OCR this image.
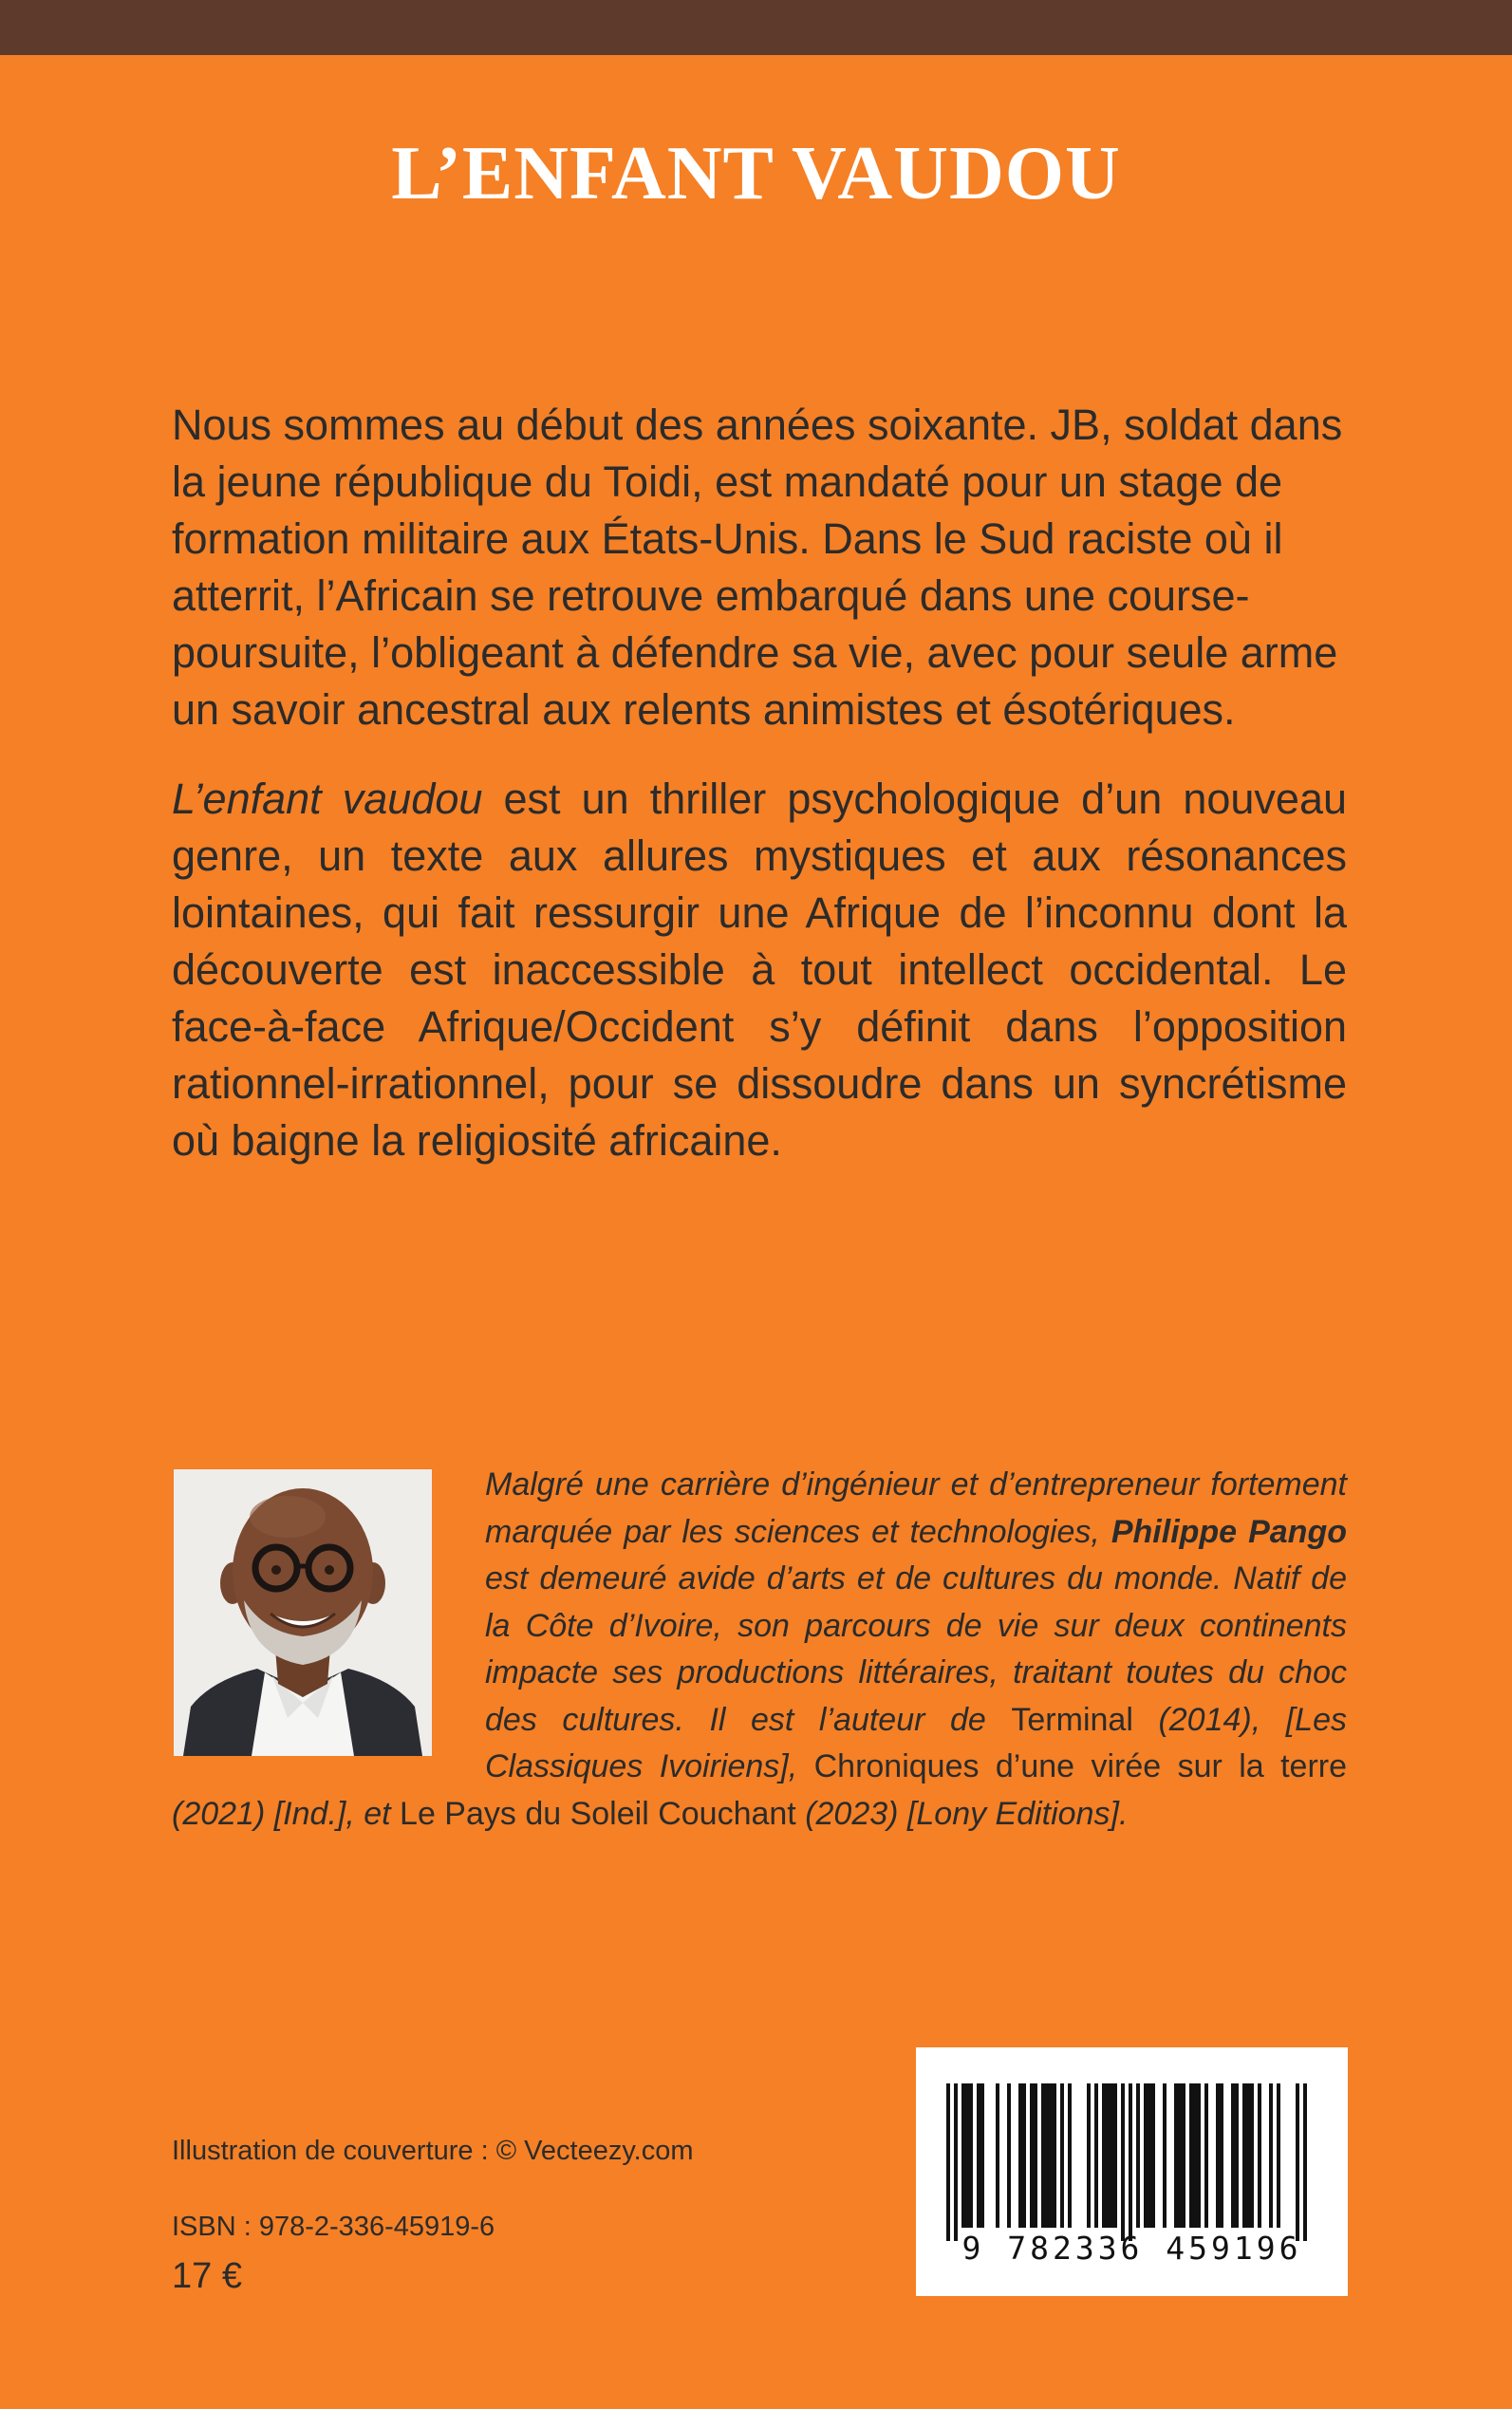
L’ENFANT VAUDOU

Nous sommes au début des années soixante. JB, soldat dans la jeune république du Toidi, est mandaté pour un stage de formation militaire aux États-Unis. Dans le Sud raciste où il atterrit, l’Africain se retrouve embarqué dans une course-poursuite, l’obligeant à défendre sa vie, avec pour seule arme un savoir ancestral aux relents animistes et ésotériques.

L’enfant vaudou est un thriller psychologique d’un nouveau genre, un texte aux allures mystiques et aux résonances lointaines, qui fait ressurgir une Afrique de l’inconnu dont la découverte est inaccessible à tout intellect occidental. Le face-à-face Afrique/Occident s’y définit dans l’opposition rationnel-irrationnel, pour se dissoudre dans un syncrétisme où baigne la religiosité africaine.

Malgré une carrière d’ingénieur et d’entrepreneur fortement marquée par les sciences et technologies, Philippe Pango est demeuré avide d’arts et de cultures du monde. Natif de la Côte d’Ivoire, son parcours de vie sur deux continents impacte ses productions littéraires, traitant toutes du choc des cultures. Il est l’auteur de Terminal (2014), [Les Classiques Ivoiriens], Chroniques d’une virée sur la terre (2021) [Ind.], et Le Pays du Soleil Couchant (2023) [Lony Editions].
Illustration de couverture : © Vecteezy.com
ISBN : 978-2-336-45919-6
17 €
9 782336 459196
